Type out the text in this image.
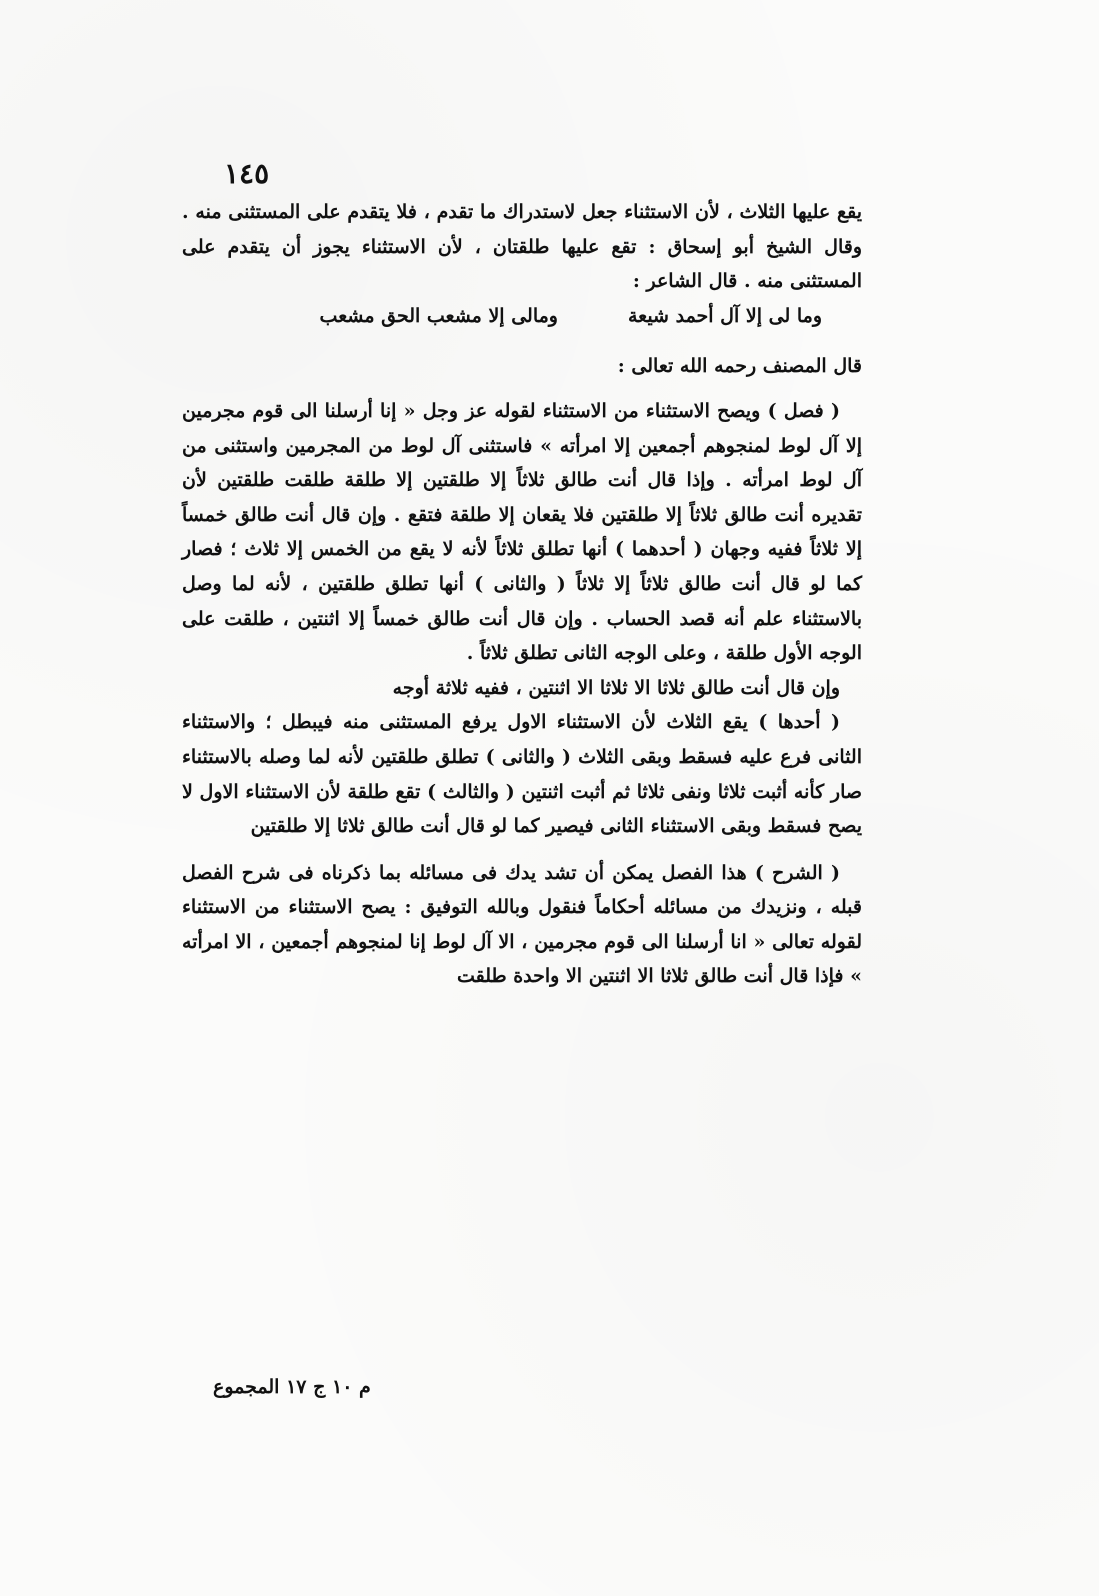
١٤٥

يقع عليها الثلاث ، لأن الاستثناء جعل لاستدراك ما تقدم ، فلا يتقدم على المستثنى منه . وقال الشيخ أبو إسحاق : تقع عليها طلقتان ، لأن الاستثناء يجوز أن يتقدم على المستثنى منه . قال الشاعر :

وما لى إلا آل أحمد شيعة
ومالى إلا مشعب الحق مشعب

قال المصنف رحمه الله تعالى :

( فصل ) ويصح الاستثناء من الاستثناء لقوله عز وجل « إنا أرسلنا الى قوم مجرمين إلا آل لوط لمنجوهم أجمعين إلا امرأته » فاستثنى آل لوط من المجرمين واستثنى من آل لوط امرأته . وإذا قال أنت طالق ثلاثاً إلا طلقتين إلا طلقة طلقت طلقتين لأن تقديره أنت طالق ثلاثاً إلا طلقتين فلا يقعان إلا طلقة فتقع . وإن قال أنت طالق خمساً إلا ثلاثاً ففيه وجهان ( أحدهما ) أنها تطلق ثلاثاً لأنه لا يقع من الخمس إلا ثلاث ؛ فصار كما لو قال أنت طالق ثلاثاً إلا ثلاثاً ( والثانى ) أنها تطلق طلقتين ، لأنه لما وصل بالاستثناء علم أنه قصد الحساب . وإن قال أنت طالق خمساً إلا اثنتين ، طلقت على الوجه الأول طلقة ، وعلى الوجه الثانى تطلق ثلاثاً .

وإن قال أنت طالق ثلاثا الا ثلاثا الا اثنتين ، ففيه ثلاثة أوجه

( أحدها ) يقع الثلاث لأن الاستثناء الاول يرفع المستثنى منه فيبطل ؛ والاستثناء الثانى فرع عليه فسقط وبقى الثلاث ( والثانى ) تطلق طلقتين لأنه لما وصله بالاستثناء صار كأنه أثبت ثلاثا ونفى ثلاثا ثم أثبت اثنتين ( والثالث ) تقع طلقة لأن الاستثناء الاول لا يصح فسقط وبقى الاستثناء الثانى فيصير كما لو قال أنت طالق ثلاثا إلا طلقتين

( الشرح ) هذا الفصل يمكن أن تشد يدك فى مسائله بما ذكرناه فى شرح الفصل قبله ، ونزيدك من مسائله أحكاماً فنقول وبالله التوفيق : يصح الاستثناء من الاستثناء لقوله تعالى « انا أرسلنا الى قوم مجرمين ، الا آل لوط إنا لمنجوهم أجمعين ، الا امرأته » فإذا قال أنت طالق ثلاثا الا اثنتين الا واحدة طلقت

م ١٠ ج ١٧ المجموع
